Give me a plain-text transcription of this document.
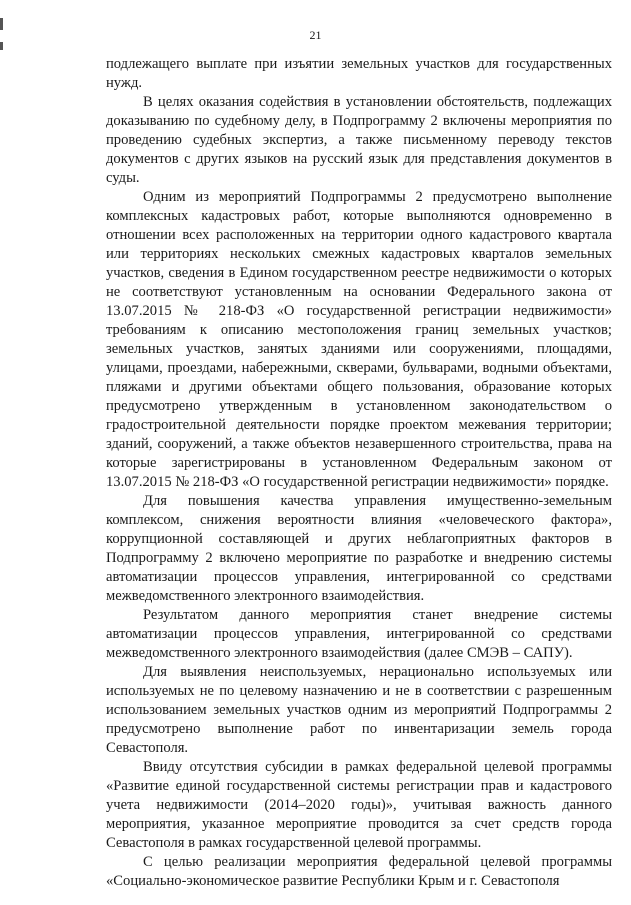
21

подлежащего выплате при изъятии земельных участков для государственных нужд.

В целях оказания содействия в установлении обстоятельств, подлежащих доказыванию по судебному делу, в Подпрограмму 2 включены мероприятия по проведению судебных экспертиз, а также письменному переводу текстов документов с других языков на русский язык для представления документов в суды.

Одним из мероприятий Подпрограммы 2 предусмотрено выполнение комплексных кадастровых работ, которые выполняются одновременно в отношении всех расположенных на территории одного кадастрового квартала или территориях нескольких смежных кадастровых кварталов земельных участков, сведения в Едином государственном реестре недвижимости о которых не соответствуют установленным на основании Федерального закона от 13.07.2015 № 218-ФЗ «О государственной регистрации недвижимости» требованиям к описанию местоположения границ земельных участков; земельных участков, занятых зданиями или сооружениями, площадями, улицами, проездами, набережными, скверами, бульварами, водными объектами, пляжами и другими объектами общего пользования, образование которых предусмотрено утвержденным в установленном законодательством о градостроительной деятельности порядке проектом межевания территории; зданий, сооружений, а также объектов незавершенного строительства, права на которые зарегистрированы в установленном Федеральным законом от 13.07.2015 № 218-ФЗ «О государственной регистрации недвижимости» порядке.

Для повышения качества управления имущественно-земельным комплексом, снижения вероятности влияния «человеческого фактора», коррупционной составляющей и других неблагоприятных факторов в Подпрограмму 2 включено мероприятие по разработке и внедрению системы автоматизации процессов управления, интегрированной со средствами межведомственного электронного взаимодействия.

Результатом данного мероприятия станет внедрение системы автоматизации процессов управления, интегрированной со средствами межведомственного электронного взаимодействия (далее СМЭВ – САПУ).

Для выявления неиспользуемых, нерационально используемых или используемых не по целевому назначению и не в соответствии с разрешенным использованием земельных участков одним из мероприятий Подпрограммы 2 предусмотрено выполнение работ по инвентаризации земель города Севастополя.

Ввиду отсутствия субсидии в рамках федеральной целевой программы «Развитие единой государственной системы регистрации прав и кадастрового учета недвижимости (2014–2020 годы)», учитывая важность данного мероприятия, указанное мероприятие проводится за счет средств города Севастополя в рамках государственной целевой программы.

С целью реализации мероприятия федеральной целевой программы «Социально-экономическое развитие Республики Крым и г. Севастополя
